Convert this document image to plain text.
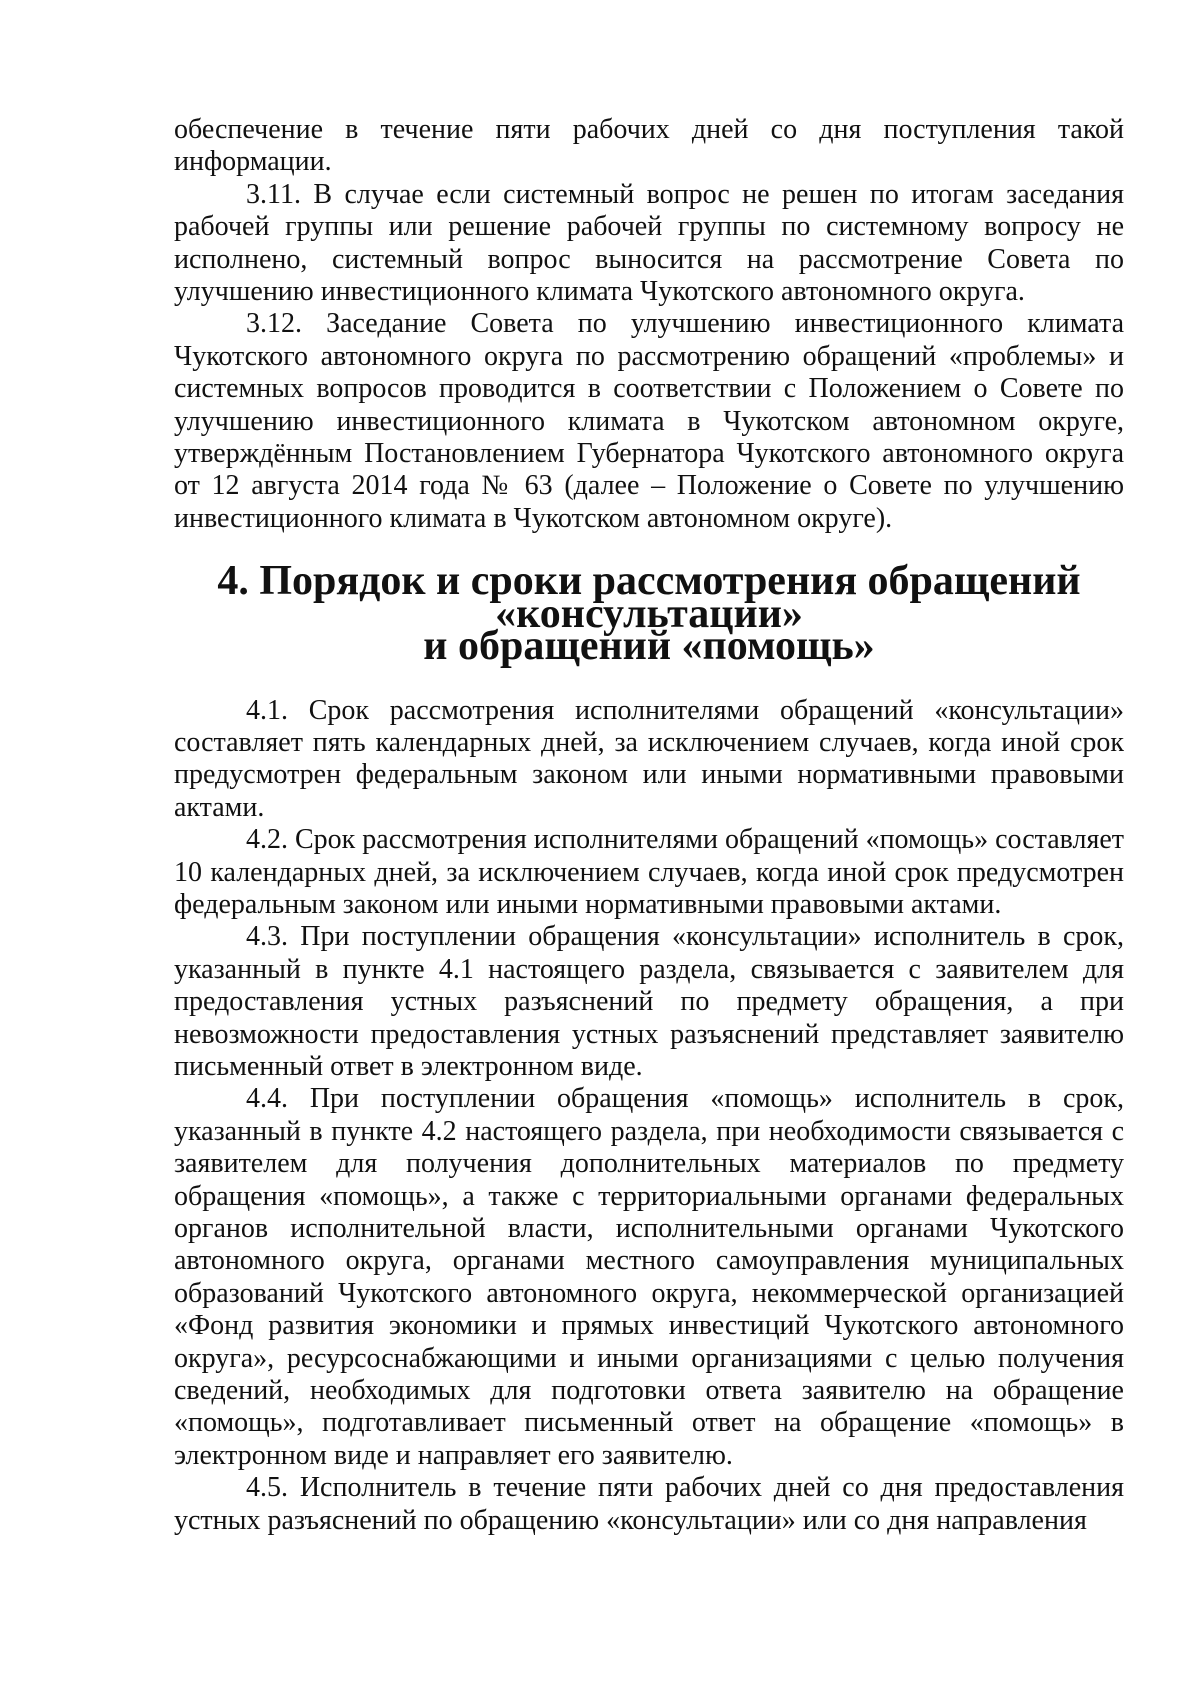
обеспечение в течение пяти рабочих дней со дня поступления такой информации.

3.11. В случае если системный вопрос не решен по итогам заседания рабочей группы или решение рабочей группы по системному вопросу не исполнено, системный вопрос выносится на рассмотрение Совета по улучшению инвестиционного климата Чукотского автономного округа.

3.12. Заседание Совета по улучшению инвестиционного климата Чукотского автономного округа по рассмотрению обращений «проблемы» и системных вопросов проводится в соответствии с Положением о Совете по улучшению инвестиционного климата в Чукотском автономном округе, утверждённым Постановлением Губернатора Чукотского автономного округа от 12 августа 2014 года № 63 (далее – Положение о Совете по улучшению инвестиционного климата в Чукотском автономном округе).

4. Порядок и сроки рассмотрения обращений «консультации»
и обращений «помощь»

4.1. Срок рассмотрения исполнителями обращений «консультации» составляет пять календарных дней, за исключением случаев, когда иной срок предусмотрен федеральным законом или иными нормативными правовыми актами.

4.2. Срок рассмотрения исполнителями обращений «помощь» составляет 10 календарных дней, за исключением случаев, когда иной срок предусмотрен федеральным законом или иными нормативными правовыми актами.

4.3. При поступлении обращения «консультации» исполнитель в срок, указанный в пункте 4.1 настоящего раздела, связывается с заявителем для предоставления устных разъяснений по предмету обращения, а при невозможности предоставления устных разъяснений представляет заявителю письменный ответ в электронном виде.

4.4. При поступлении обращения «помощь» исполнитель в срок, указанный в пункте 4.2 настоящего раздела, при необходимости связывается с заявителем для получения дополнительных материалов по предмету обращения «помощь», а также с территориальными органами федеральных органов исполнительной власти, исполнительными органами Чукотского автономного округа, органами местного самоуправления муниципальных образований Чукотского автономного округа, некоммерческой организацией «Фонд развития экономики и прямых инвестиций Чукотского автономного округа», ресурсоснабжающими и иными организациями с целью получения сведений, необходимых для подготовки ответа заявителю на обращение «помощь», подготавливает письменный ответ на обращение «помощь» в электронном виде и направляет его заявителю.

4.5. Исполнитель в течение пяти рабочих дней со дня предоставления устных разъяснений по обращению «консультации» или со дня направления
